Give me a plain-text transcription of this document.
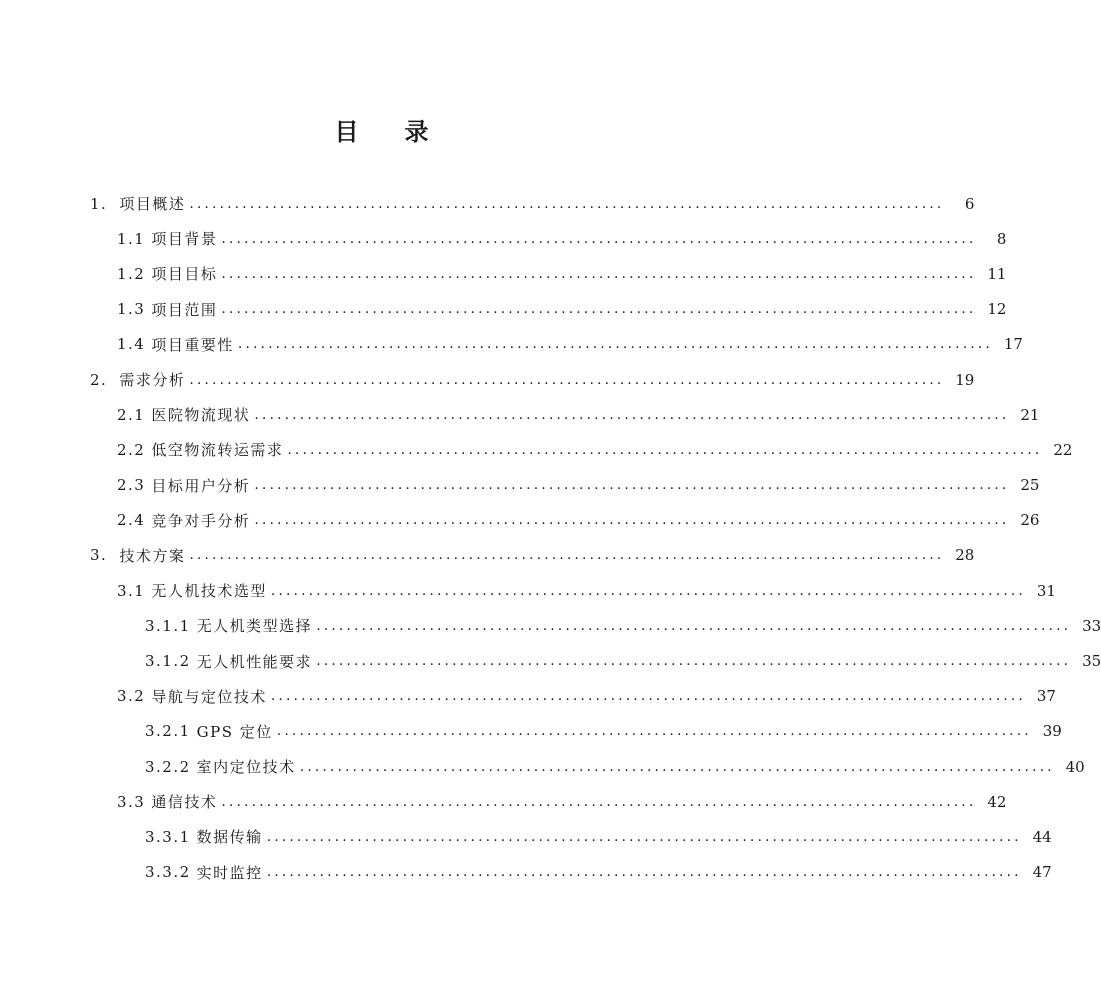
目 录
1. 项目概述 ....................................................................................................	6
1.1 项目背景 ....................................................................................................	8
1.2 项目目标 .................................................................................................... 11
1.3 项目范围 .................................................................................................... 12
1.4 项目重要性 .................................................................................................... 17
2. 需求分析 .................................................................................................... 19
2.1 医院物流现状 .................................................................................................... 21
2.2 低空物流转运需求 .................................................................................................... 22
2.3 目标用户分析 .................................................................................................... 25
2.4 竞争对手分析 .................................................................................................... 26
3. 技术方案 .................................................................................................... 28
3.1 无人机技术选型 .................................................................................................... 31
3.1.1 无人机类型选择 .................................................................................................... 33
3.1.2 无人机性能要求 .................................................................................................... 35
3.2 导航与定位技术 .................................................................................................... 37
3.2.1 GPS 定位 .................................................................................................... 39
3.2.2 室内定位技术 .................................................................................................... 40
3.3 通信技术 .................................................................................................... 42
3.3.1 数据传输 .................................................................................................... 44
3.3.2 实时监控 .................................................................................................... 47
